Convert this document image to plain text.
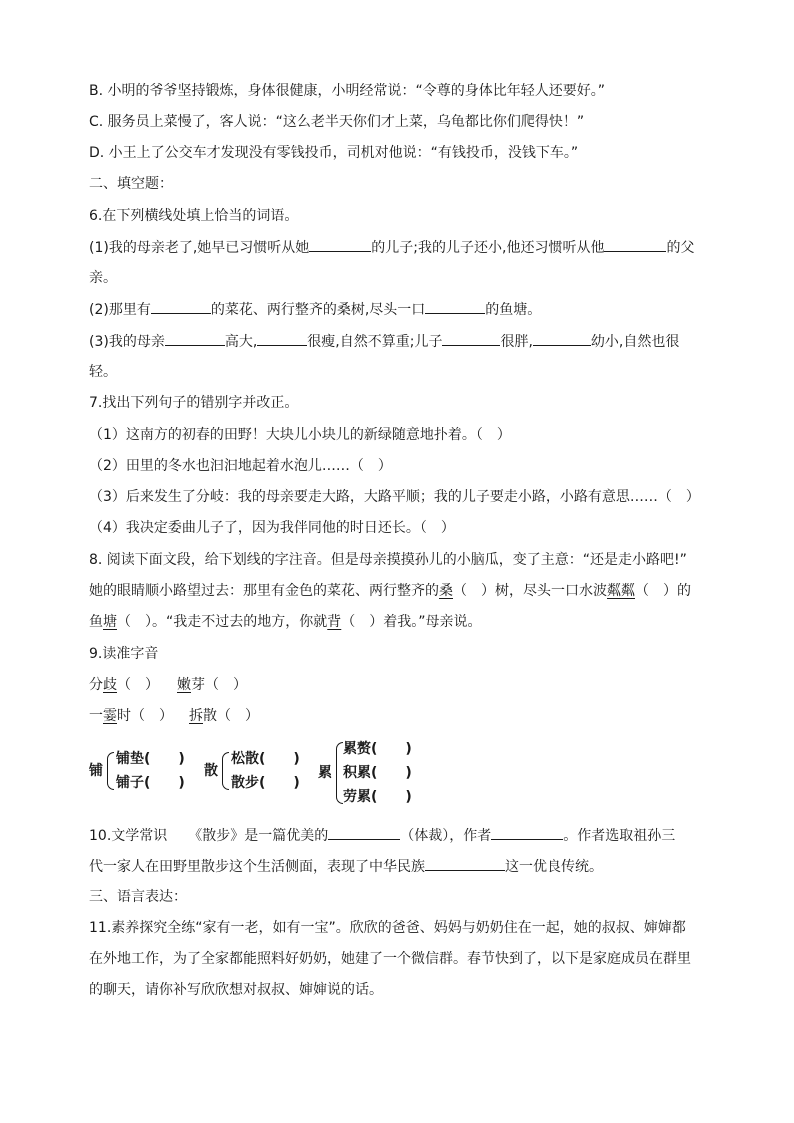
B. 小明的爷爷坚持锻炼，身体很健康，小明经常说：“令尊的身体比年轻人还要好。”
C. 服务员上菜慢了，客人说：“这么老半天你们才上菜，乌龟都比你们爬得快！”
D. 小王上了公交车才发现没有零钱投币，司机对他说：“有钱投币，没钱下车。”
二、填空题：
6.在下列横线处填上恰当的词语。
(1)我的母亲老了,她早已习惯听从她	的儿子;我的儿子还小,他还习惯听从他	的父
亲。
(2)那里有	的菜花、两行整齐的桑树,尽头一口	的鱼塘。
(3)我的母亲	高大,	很瘦,自然不算重;儿子	很胖,	幼小,自然也很
轻。
7.找出下列句子的错别字并改正。
（1）这南方的初春的田野！大块儿小块儿的新绿随意地扑着。（　）
（2）田里的冬水也汩汩地起着水泡儿……（　）
（3）后来发生了分岐：我的母亲要走大路，大路平顺；我的儿子要走小路，小路有意思……（　）
（4）我决定委曲儿子了，因为我伴同他的时日还长。（　）
8. 阅读下面文段，给下划线的字注音。但是母亲摸摸孙儿的小脑瓜，变了主意：“还是走小路吧!”
她的眼睛顺小路望过去：那里有金色的菜花、两行整齐的桑（　）树，尽头一口水波粼粼（　）的
鱼塘（　）。“我走不过去的地方，你就背（　）着我。”母亲说。
9.读准字音
分歧（　） 嫩芽（　）
一霎时（　） 拆散（　）
铺
铺垫(　　)
铺子(　　)
散
松散(　　)
散步(　　)
累
累赘(　　)
积累(　　)
劳累(　　)
10.文学常识　　《散步》是一篇优美的	（体裁），作者	。作者选取祖孙三
代一家人在田野里散步这个生活侧面，表现了中华民族	这一优良传统。
三、语言表达：
11.素养探究全练“家有一老，如有一宝”。欣欣的爸爸、妈妈与奶奶住在一起，她的叔叔、婶婶都
在外地工作，为了全家都能照料好奶奶，她建了一个微信群。春节快到了，以下是家庭成员在群里
的聊天，请你补写欣欣想对叔叔、婶婶说的话。
